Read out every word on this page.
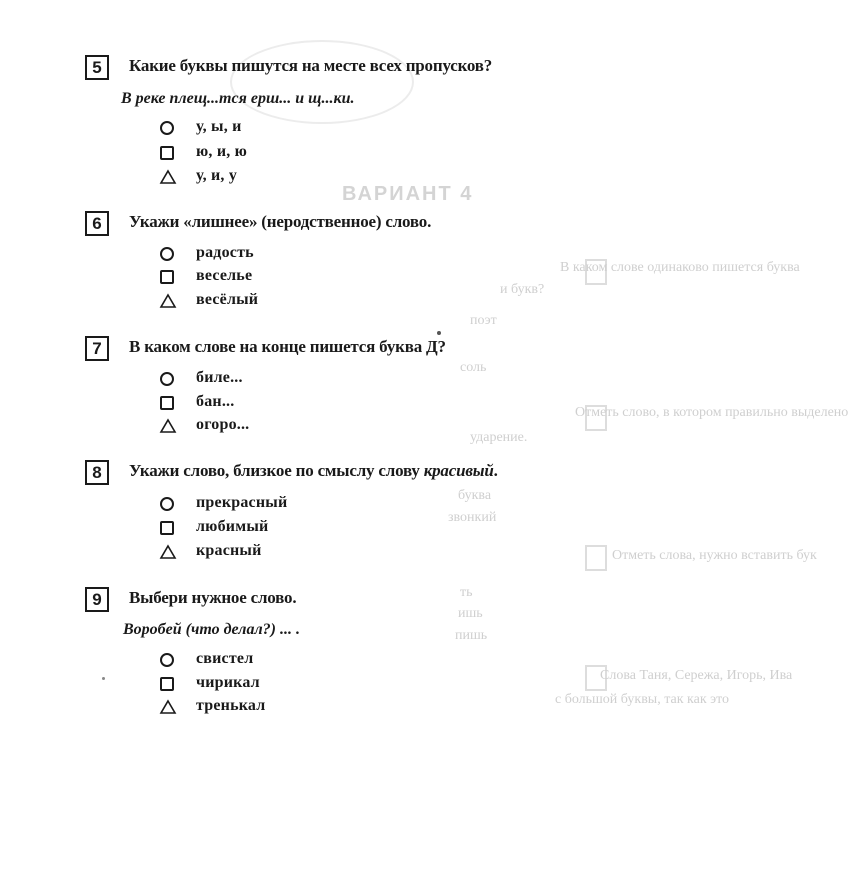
ВАРИАНТ 4
В каком слове одинаково пишется буква
и букв?
поэт
соль
Отметь слово, в котором правильно выделено
ударение.
буква
звонкий
Отметь слова, нужно вставить бук
ть
ишь
пишь
Слова Таня, Сережа, Игорь, Ива
с большой буквы, так как это
5	Какие буквы пишутся на месте всех пропусков?
В реке плещ...тся ерш... и щ...ки.
у, ы, и
ю, и, ю
у, и, у
6	Укажи «лишнее» (неродственное) слово.
радость
веселье
весёлый
7	В каком слове на конце пишется буква Д?
биле...
бан...
огоро...
8	Укажи слово, близкое по смыслу слову красивый.
прекрасный
любимый
красный
9	Выбери нужное слово.
Воробей (что делал?) ... .
свистел
чирикал
тренькал
